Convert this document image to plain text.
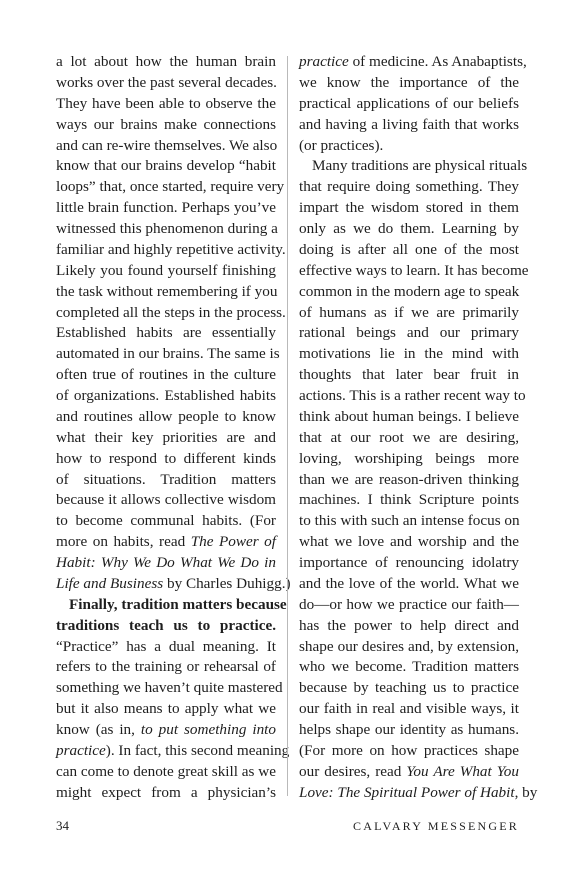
a lot about how the human brain
works over the past several decades.
They have been able to observe the
ways our brains make connections
and can re-wire themselves. We also
know that our brains develop “habit
loops” that, once started, require very
little brain function. Perhaps you’ve
witnessed this phenomenon during a
familiar and highly repetitive activity.
Likely you found yourself finishing
the task without remembering if you
completed all the steps in the process.
Established habits are essentially
automated in our brains. The same is
often true of routines in the culture
of organizations. Established habits
and routines allow people to know
what their key priorities are and
how to respond to different kinds
of situations. Tradition matters
because it allows collective wisdom
to become communal habits. (For
more on habits, read The Power of
Habit: Why We Do What We Do in
Life and Business by Charles Duhigg.)
Finally, tradition matters because
traditions teach us to practice.
“Practice” has a dual meaning. It
refers to the training or rehearsal of
something we haven’t quite mastered
but it also means to apply what we
know (as in, to put something into
practice). In fact, this second meaning
can come to denote great skill as we
might expect from a physician’s
practice of medicine. As Anabaptists,
we know the importance of the
practical applications of our beliefs
and having a living faith that works
(or practices).
Many traditions are physical rituals
that require doing something. They
impart the wisdom stored in them
only as we do them. Learning by
doing is after all one of the most
effective ways to learn. It has become
common in the modern age to speak
of humans as if we are primarily
rational beings and our primary
motivations lie in the mind with
thoughts that later bear fruit in
actions. This is a rather recent way to
think about human beings. I believe
that at our root we are desiring,
loving, worshiping beings more
than we are reason-driven thinking
machines. I think Scripture points
to this with such an intense focus on
what we love and worship and the
importance of renouncing idolatry
and the love of the world. What we
do—or how we practice our faith—
has the power to help direct and
shape our desires and, by extension,
who we become. Tradition matters
because by teaching us to practice
our faith in real and visible ways, it
helps shape our identity as humans.
(For more on how practices shape
our desires, read You Are What You
Love: The Spiritual Power of Habit, by
34	CALVARY MESSENGER
